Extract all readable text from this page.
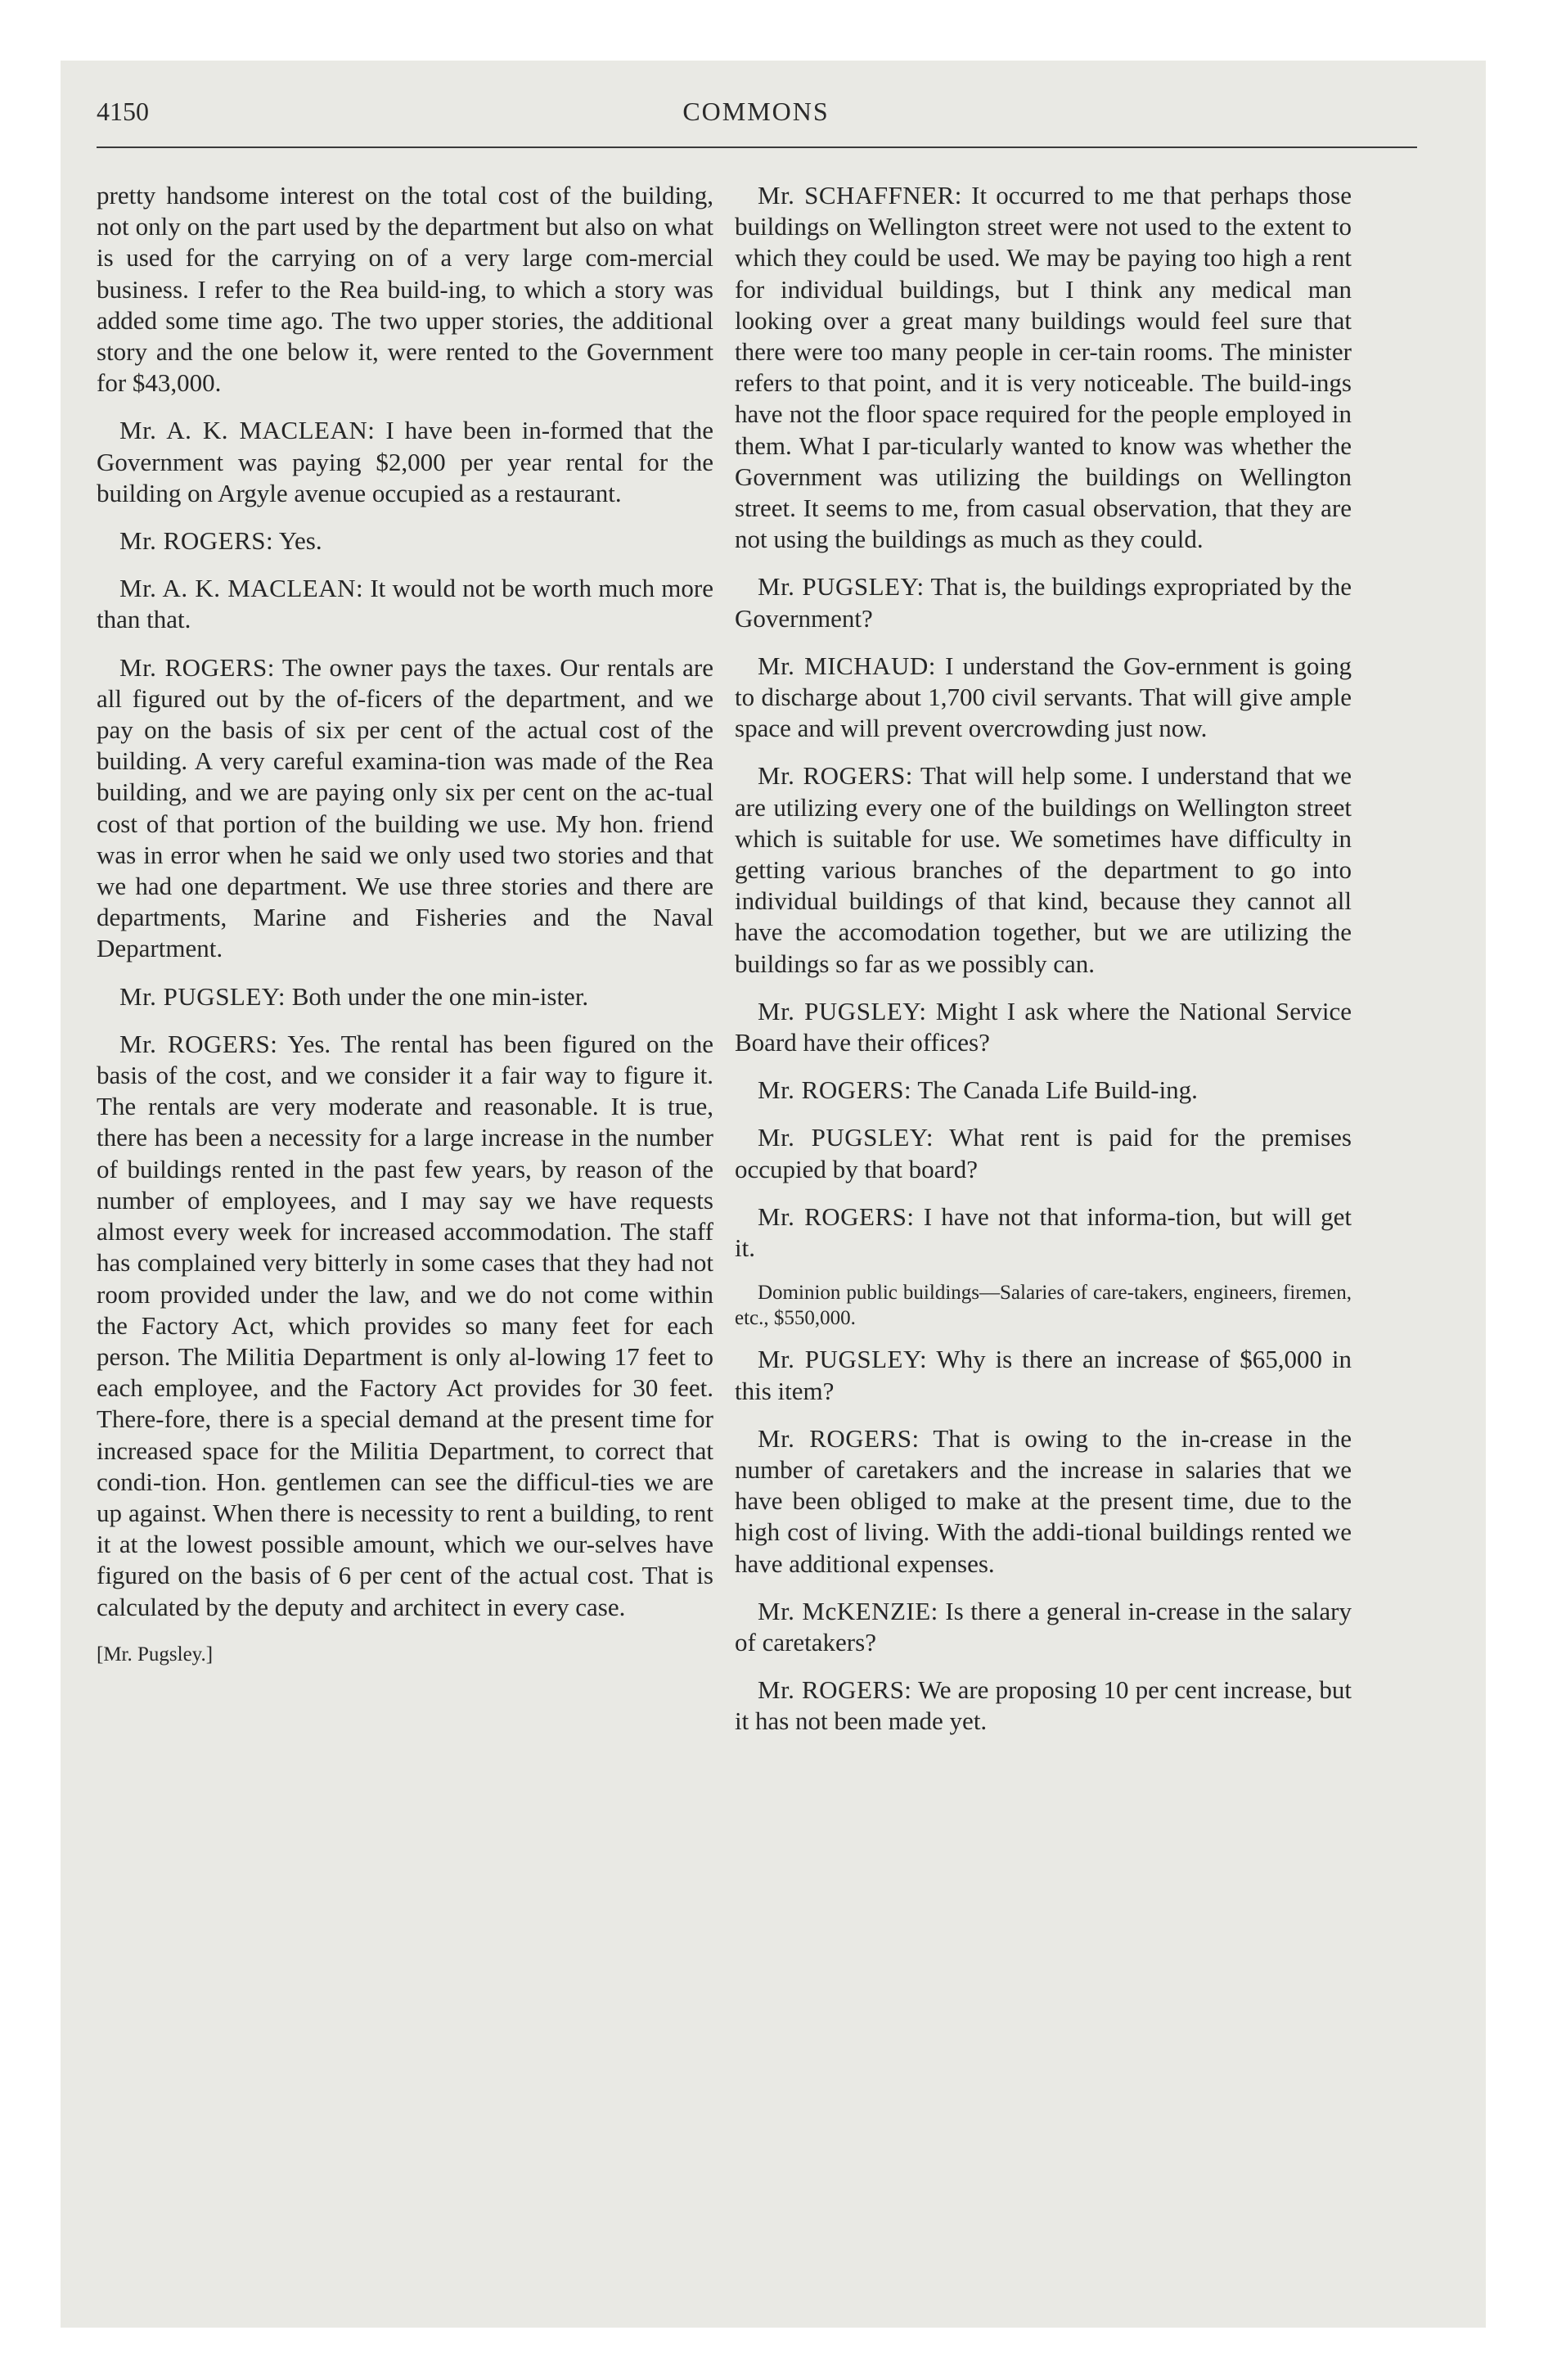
4150	COMMONS

pretty handsome interest on the total cost of the building, not only on the part used by the department but also on what is used for the carrying on of a very large com-mercial business. I refer to the Rea build-ing, to which a story was added some time ago. The two upper stories, the additional story and the one below it, were rented to the Government for $43,000.

Mr. A. K. MACLEAN: I have been in-formed that the Government was paying $2,000 per year rental for the building on Argyle avenue occupied as a restaurant.

Mr. ROGERS: Yes.

Mr. A. K. MACLEAN: It would not be worth much more than that.

Mr. ROGERS: The owner pays the taxes. Our rentals are all figured out by the of-ficers of the department, and we pay on the basis of six per cent of the actual cost of the building. A very careful examina-tion was made of the Rea building, and we are paying only six per cent on the ac-tual cost of that portion of the building we use. My hon. friend was in error when he said we only used two stories and that we had one department. We use three stories and there are departments, Marine and Fisheries and the Naval Department.

Mr. PUGSLEY: Both under the one min-ister.

Mr. ROGERS: Yes. The rental has been figured on the basis of the cost, and we consider it a fair way to figure it. The rentals are very moderate and reasonable. It is true, there has been a necessity for a large increase in the number of buildings rented in the past few years, by reason of the number of employees, and I may say we have requests almost every week for increased accommodation. The staff has complained very bitterly in some cases that they had not room provided under the law, and we do not come within the Factory Act, which provides so many feet for each person. The Militia Department is only al-lowing 17 feet to each employee, and the Factory Act provides for 30 feet. There-fore, there is a special demand at the present time for increased space for the Militia Department, to correct that condi-tion. Hon. gentlemen can see the difficul-ties we are up against. When there is necessity to rent a building, to rent it at the lowest possible amount, which we our-selves have figured on the basis of 6 per cent of the actual cost. That is calculated by the deputy and architect in every case.

[Mr. Pugsley.]

Mr. SCHAFFNER: It occurred to me that perhaps those buildings on Wellington street were not used to the extent to which they could be used. We may be paying too high a rent for individual buildings, but I think any medical man looking over a great many buildings would feel sure that there were too many people in cer-tain rooms. The minister refers to that point, and it is very noticeable. The build-ings have not the floor space required for the people employed in them. What I par-ticularly wanted to know was whether the Government was utilizing the buildings on Wellington street. It seems to me, from casual observation, that they are not using the buildings as much as they could.

Mr. PUGSLEY: That is, the buildings expropriated by the Government?

Mr. MICHAUD: I understand the Gov-ernment is going to discharge about 1,700 civil servants. That will give ample space and will prevent overcrowding just now.

Mr. ROGERS: That will help some. I understand that we are utilizing every one of the buildings on Wellington street which is suitable for use. We sometimes have difficulty in getting various branches of the department to go into individual buildings of that kind, because they cannot all have the accomodation together, but we are utilizing the buildings so far as we possibly can.

Mr. PUGSLEY: Might I ask where the National Service Board have their offices?

Mr. ROGERS: The Canada Life Build-ing.

Mr. PUGSLEY: What rent is paid for the premises occupied by that board?

Mr. ROGERS: I have not that informa-tion, but will get it.

Dominion public buildings—Salaries of care-takers, engineers, firemen, etc., $550,000.

Mr. PUGSLEY: Why is there an increase of $65,000 in this item?

Mr. ROGERS: That is owing to the in-crease in the number of caretakers and the increase in salaries that we have been obliged to make at the present time, due to the high cost of living. With the addi-tional buildings rented we have additional expenses.

Mr. McKENZIE: Is there a general in-crease in the salary of caretakers?

Mr. ROGERS: We are proposing 10 per cent increase, but it has not been made yet.
